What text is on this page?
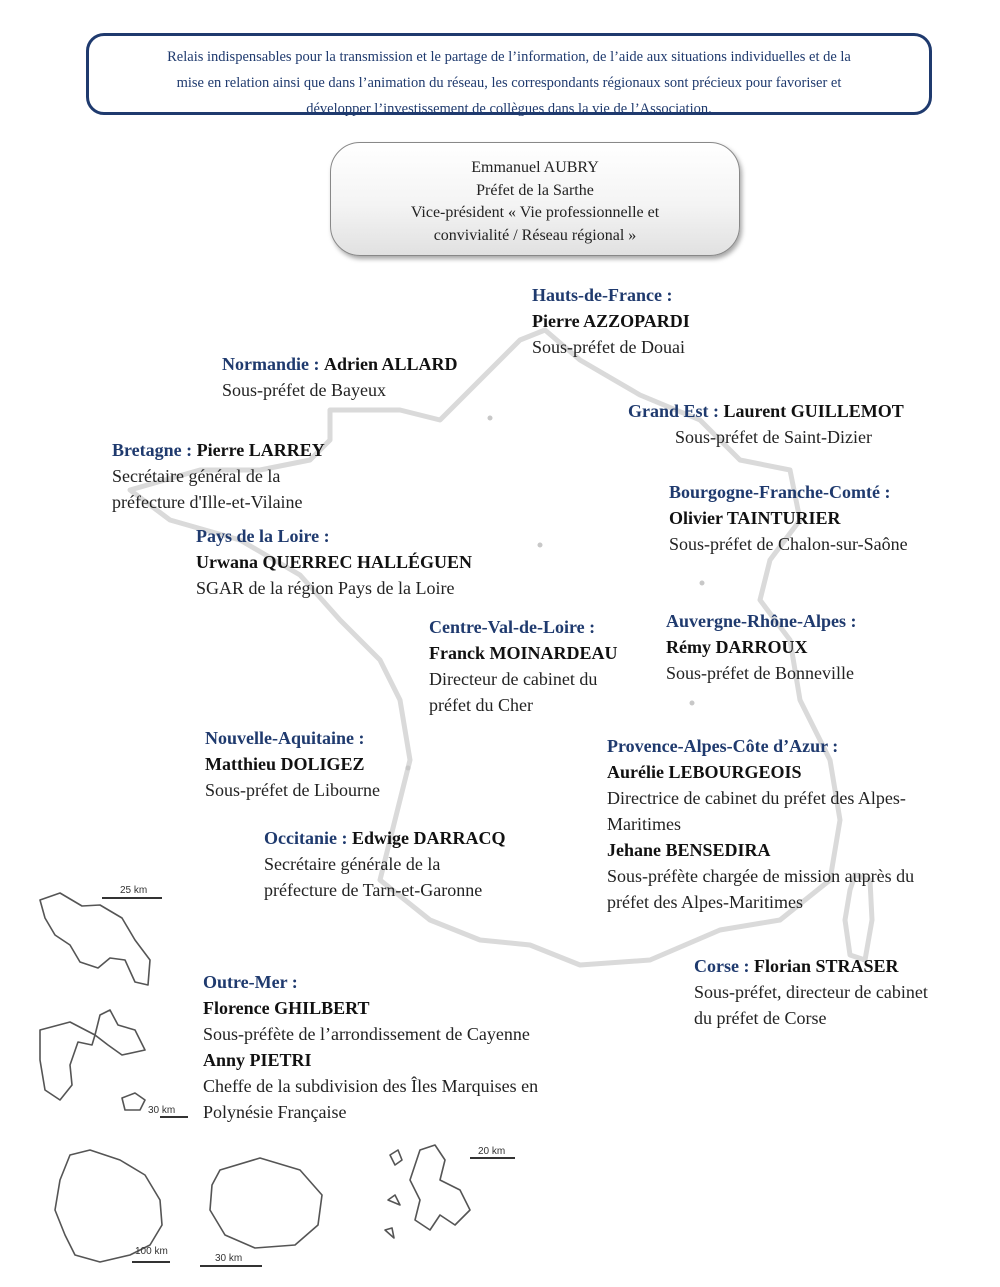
25 km
30 km
100 km
30 km
20 km
Relais indispensables pour la transmission et le partage de l’information, de l’aide aux situations individuelles et de la
mise en relation ainsi que dans l’animation du réseau, les correspondants régionaux sont précieux pour favoriser et
développer l’investissement de collègues dans la vie de l’Association.
Emmanuel AUBRY
Préfet de la Sarthe
Vice-président « Vie professionnelle et
convivialité / Réseau régional »
Hauts-de-France :
Pierre AZZOPARDI
Sous-préfet de Douai
Normandie : Adrien ALLARD
Sous-préfet de Bayeux
Grand Est : Laurent GUILLEMOT
Sous-préfet de Saint-Dizier
Bretagne : Pierre LARREY
Secrétaire général de la
préfecture d'Ille-et-Vilaine	Bourgogne-Franche-Comté :
Olivier TAINTURIER
Sous-préfet de Chalon-sur-Saône
Pays de la Loire :
Urwana QUERREC HALLÉGUEN
SGAR de la région Pays de la Loire
Centre-Val-de-Loire :
Franck MOINARDEAU
Directeur de cabinet du
préfet du Cher
Auvergne-Rhône-Alpes :
Rémy DARROUX
Sous-préfet de Bonneville
Nouvelle-Aquitaine :
Matthieu DOLIGEZ
Sous-préfet de Libourne
Provence-Alpes-Côte d’Azur :
Aurélie LEBOURGEOIS
Directrice de cabinet du préfet des Alpes-
Maritimes
Jehane BENSEDIRA
Sous-préfète chargée de mission auprès du
préfet des Alpes-Maritimes
Occitanie : Edwige DARRACQ
Secrétaire générale de la
préfecture de Tarn-et-Garonne
Corse : Florian STRASER
Sous-préfet, directeur de cabinet
du préfet de Corse
Outre-Mer :
Florence GHILBERT
Sous-préfète de l’arrondissement de Cayenne
Anny PIETRI
Cheffe de la subdivision des Îles Marquises en
Polynésie Française
